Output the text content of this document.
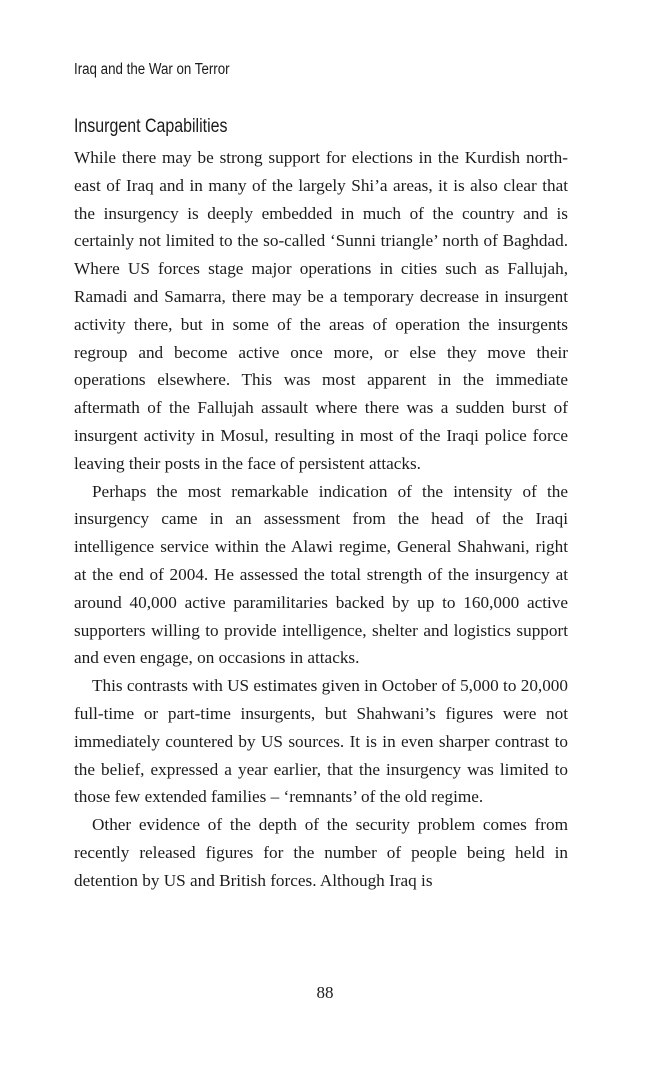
Iraq and the War on Terror
Insurgent Capabilities

While there may be strong support for elections in the Kurdish north-east of Iraq and in many of the largely Shi’a areas, it is also clear that the insurgency is deeply embedded in much of the country and is certainly not limited to the so-called ‘Sunni triangle’ north of Baghdad. Where US forces stage major operations in cities such as Fallujah, Ramadi and Samarra, there may be a temporary decrease in insurgent activity there, but in some of the areas of operation the insurgents regroup and become active once more, or else they move their operations elsewhere. This was most apparent in the immediate aftermath of the Fallujah assault where there was a sudden burst of insurgent activity in Mosul, resulting in most of the Iraqi police force leaving their posts in the face of persistent attacks.

Perhaps the most remarkable indication of the intensity of the insurgency came in an assessment from the head of the Iraqi intelligence service within the Alawi regime, General Shahwani, right at the end of 2004. He assessed the total strength of the insurgency at around 40,000 active paramilitaries backed by up to 160,000 active supporters willing to provide intelligence, shelter and logistics support and even engage, on occasions in attacks.

This contrasts with US estimates given in October of 5,000 to 20,000 full-time or part-time insurgents, but Shahwani’s figures were not immediately countered by US sources. It is in even sharper contrast to the belief, expressed a year earlier, that the insurgency was limited to those few extended families – ‘remnants’ of the old regime.

Other evidence of the depth of the security problem comes from recently released figures for the number of people being held in detention by US and British forces. Although Iraq is

88
